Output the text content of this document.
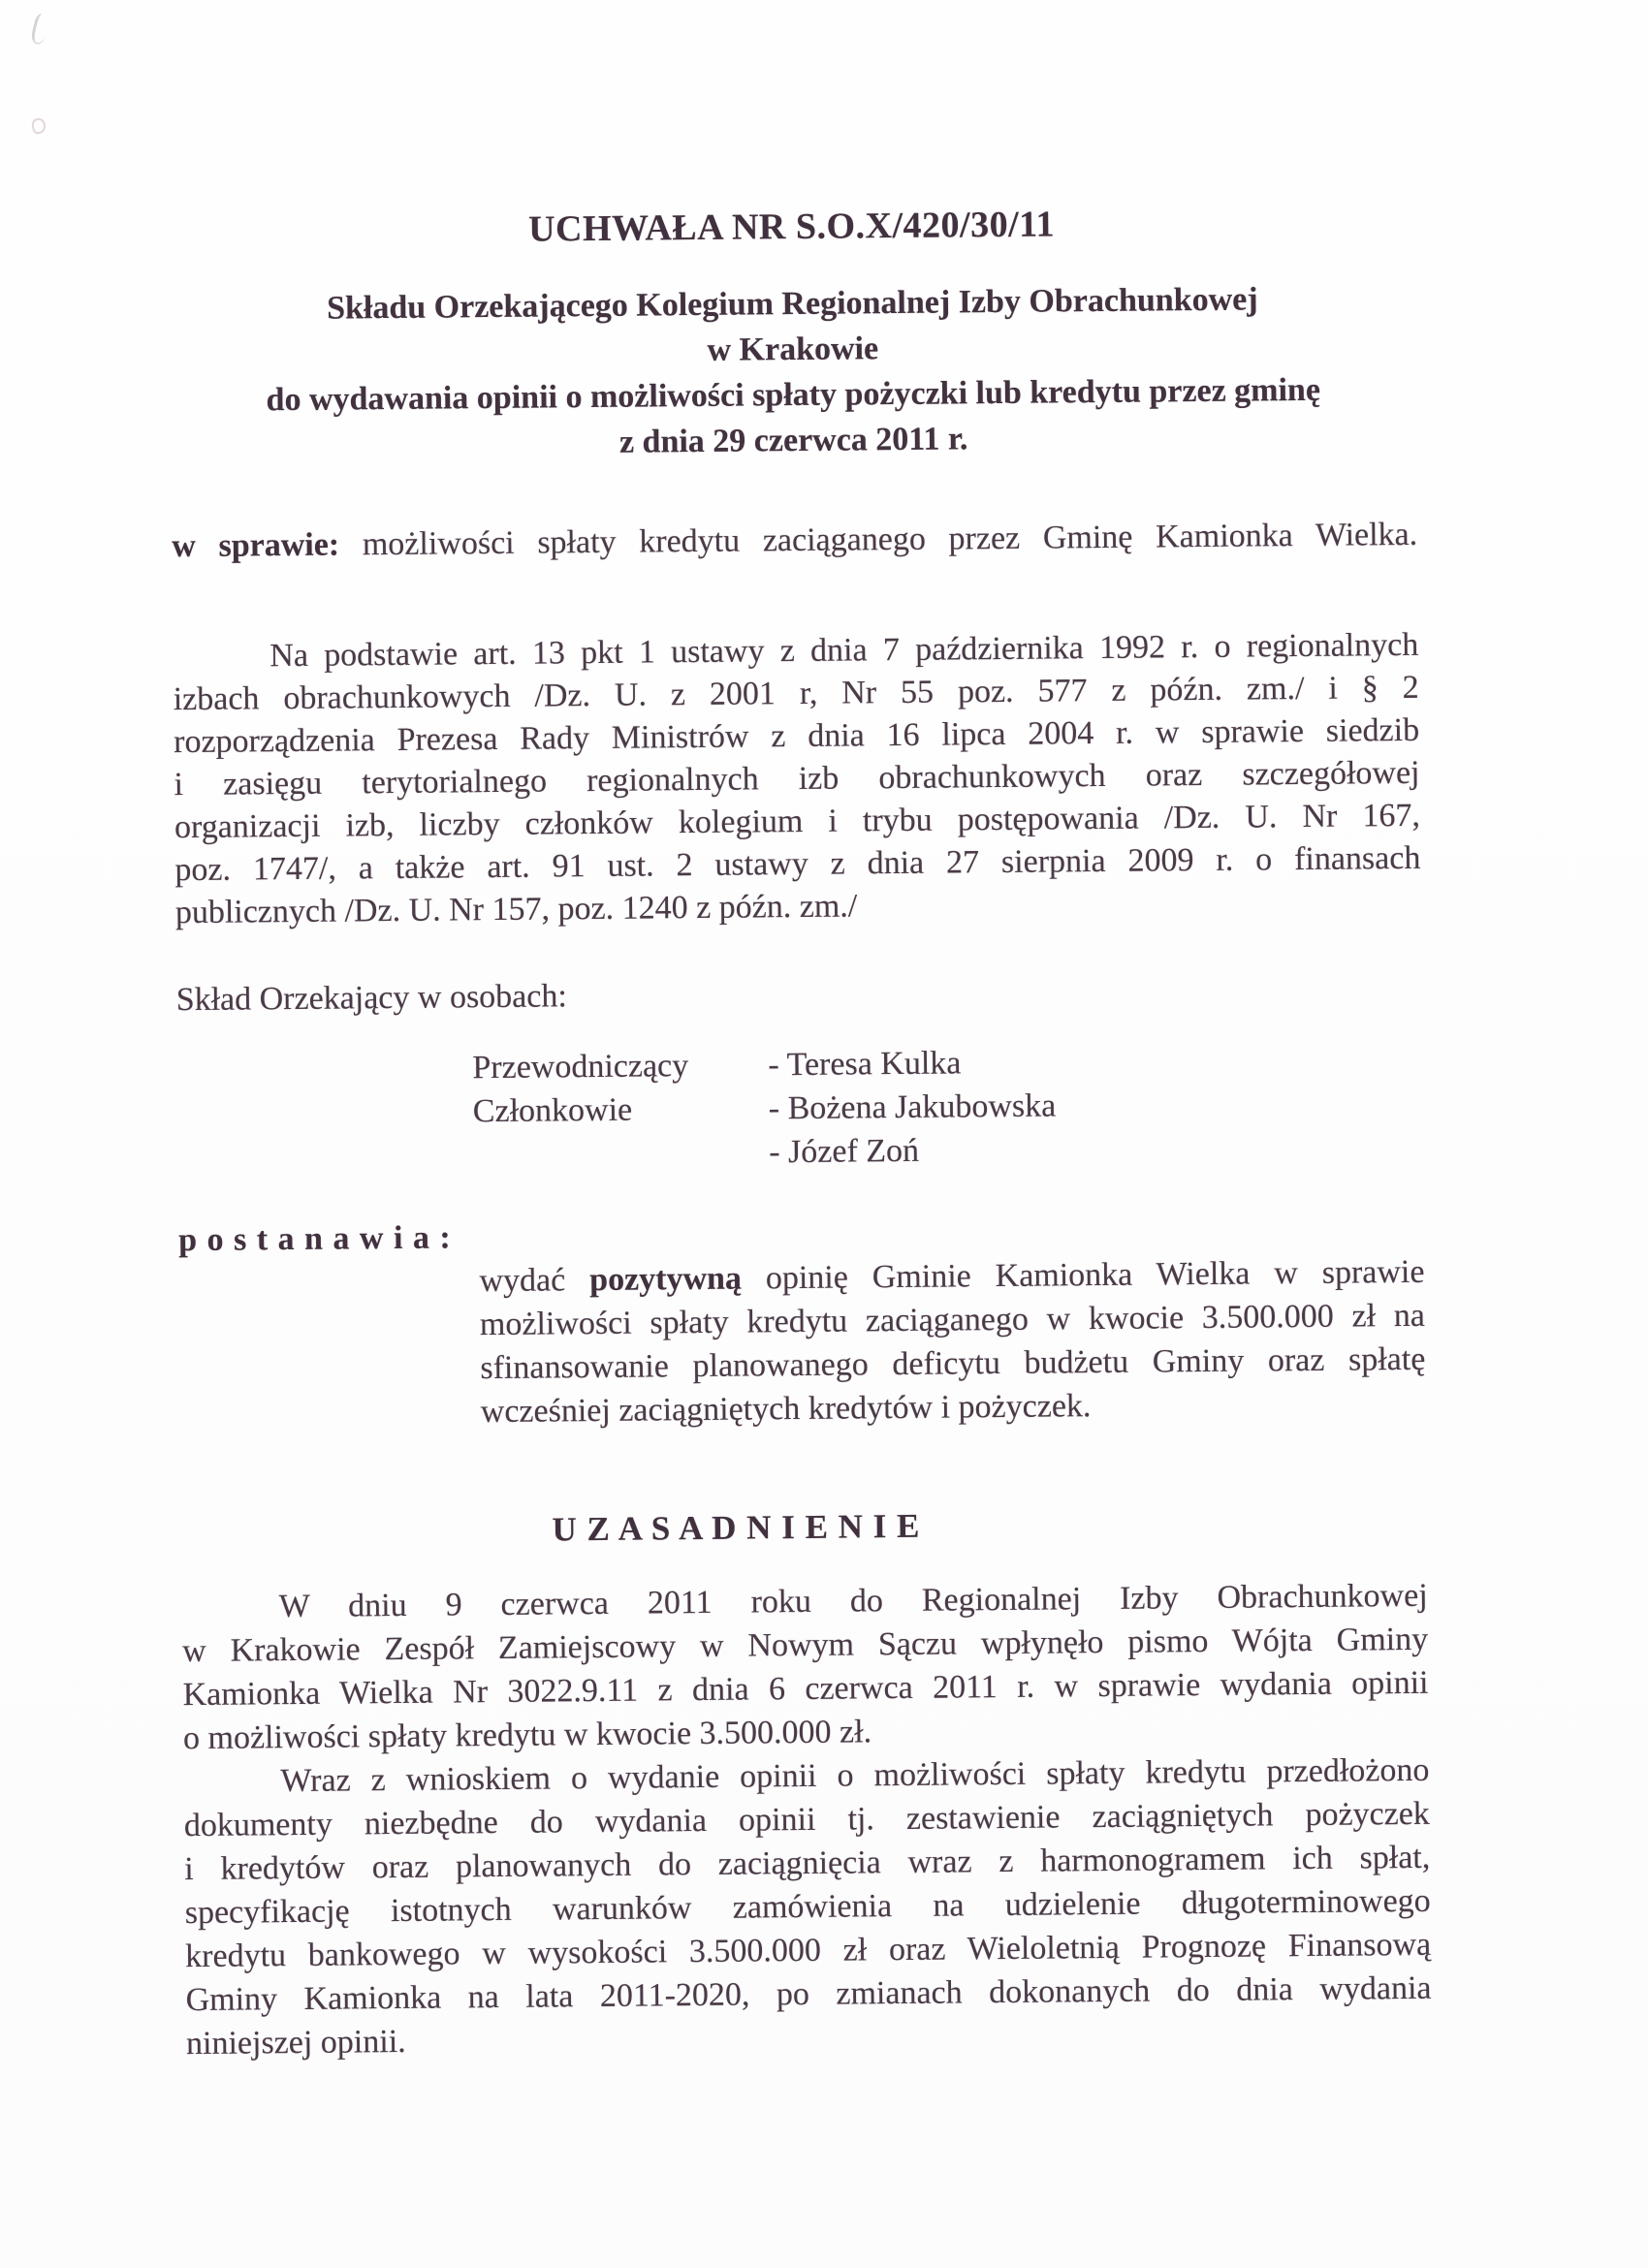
UCHWAŁA NR S.O.X/420/30/11
Składu Orzekającego Kolegium Regionalnej Izby Obrachunkowej
w Krakowie
do wydawania opinii o możliwości spłaty pożyczki lub kredytu przez gminę
z dnia 29 czerwca 2011 r.
w sprawie: możliwości spłaty kredytu zaciąganego przez Gminę Kamionka Wielka.
Na podstawie art. 13 pkt 1 ustawy z dnia 7 października 1992 r. o regionalnych
izbach obrachunkowych /Dz. U. z 2001 r, Nr 55 poz. 577 z późn. zm./ i § 2
rozporządzenia Prezesa Rady Ministrów z dnia 16 lipca 2004 r. w sprawie siedzib
i zasięgu terytorialnego regionalnych izb obrachunkowych oraz szczegółowej
organizacji izb, liczby członków kolegium i trybu postępowania /Dz. U. Nr 167,
poz. 1747/, a także art. 91 ust. 2 ustawy z dnia 27 sierpnia 2009 r. o finansach
publicznych /Dz. U. Nr 157, poz. 1240 z późn. zm./
Skład Orzekający w osobach:
Przewodniczący	- Teresa Kulka
Członkowie	- Bożena Jakubowska
- Józef Zoń
p o s t a n a w i a :
wydać pozytywną opinię Gminie Kamionka Wielka w sprawie
możliwości spłaty kredytu zaciąganego w kwocie 3.500.000 zł na
sfinansowanie planowanego deficytu budżetu Gminy oraz spłatę
wcześniej zaciągniętych kredytów i pożyczek.
U Z A S A D N I E N I E
W dniu 9 czerwca 2011 roku do Regionalnej Izby Obrachunkowej
w Krakowie Zespół Zamiejscowy w Nowym Sączu wpłynęło pismo Wójta Gminy
Kamionka Wielka Nr 3022.9.11 z dnia 6 czerwca 2011 r. w sprawie wydania opinii
o możliwości spłaty kredytu w kwocie 3.500.000 zł.
Wraz z wnioskiem o wydanie opinii o możliwości spłaty kredytu przedłożono
dokumenty niezbędne do wydania opinii tj. zestawienie zaciągniętych pożyczek
i kredytów oraz planowanych do zaciągnięcia wraz z harmonogramem ich spłat,
specyfikację istotnych warunków zamówienia na udzielenie długoterminowego
kredytu bankowego w wysokości 3.500.000 zł oraz Wieloletnią Prognozę Finansową
Gminy Kamionka na lata 2011-2020, po zmianach dokonanych do dnia wydania
niniejszej opinii.
